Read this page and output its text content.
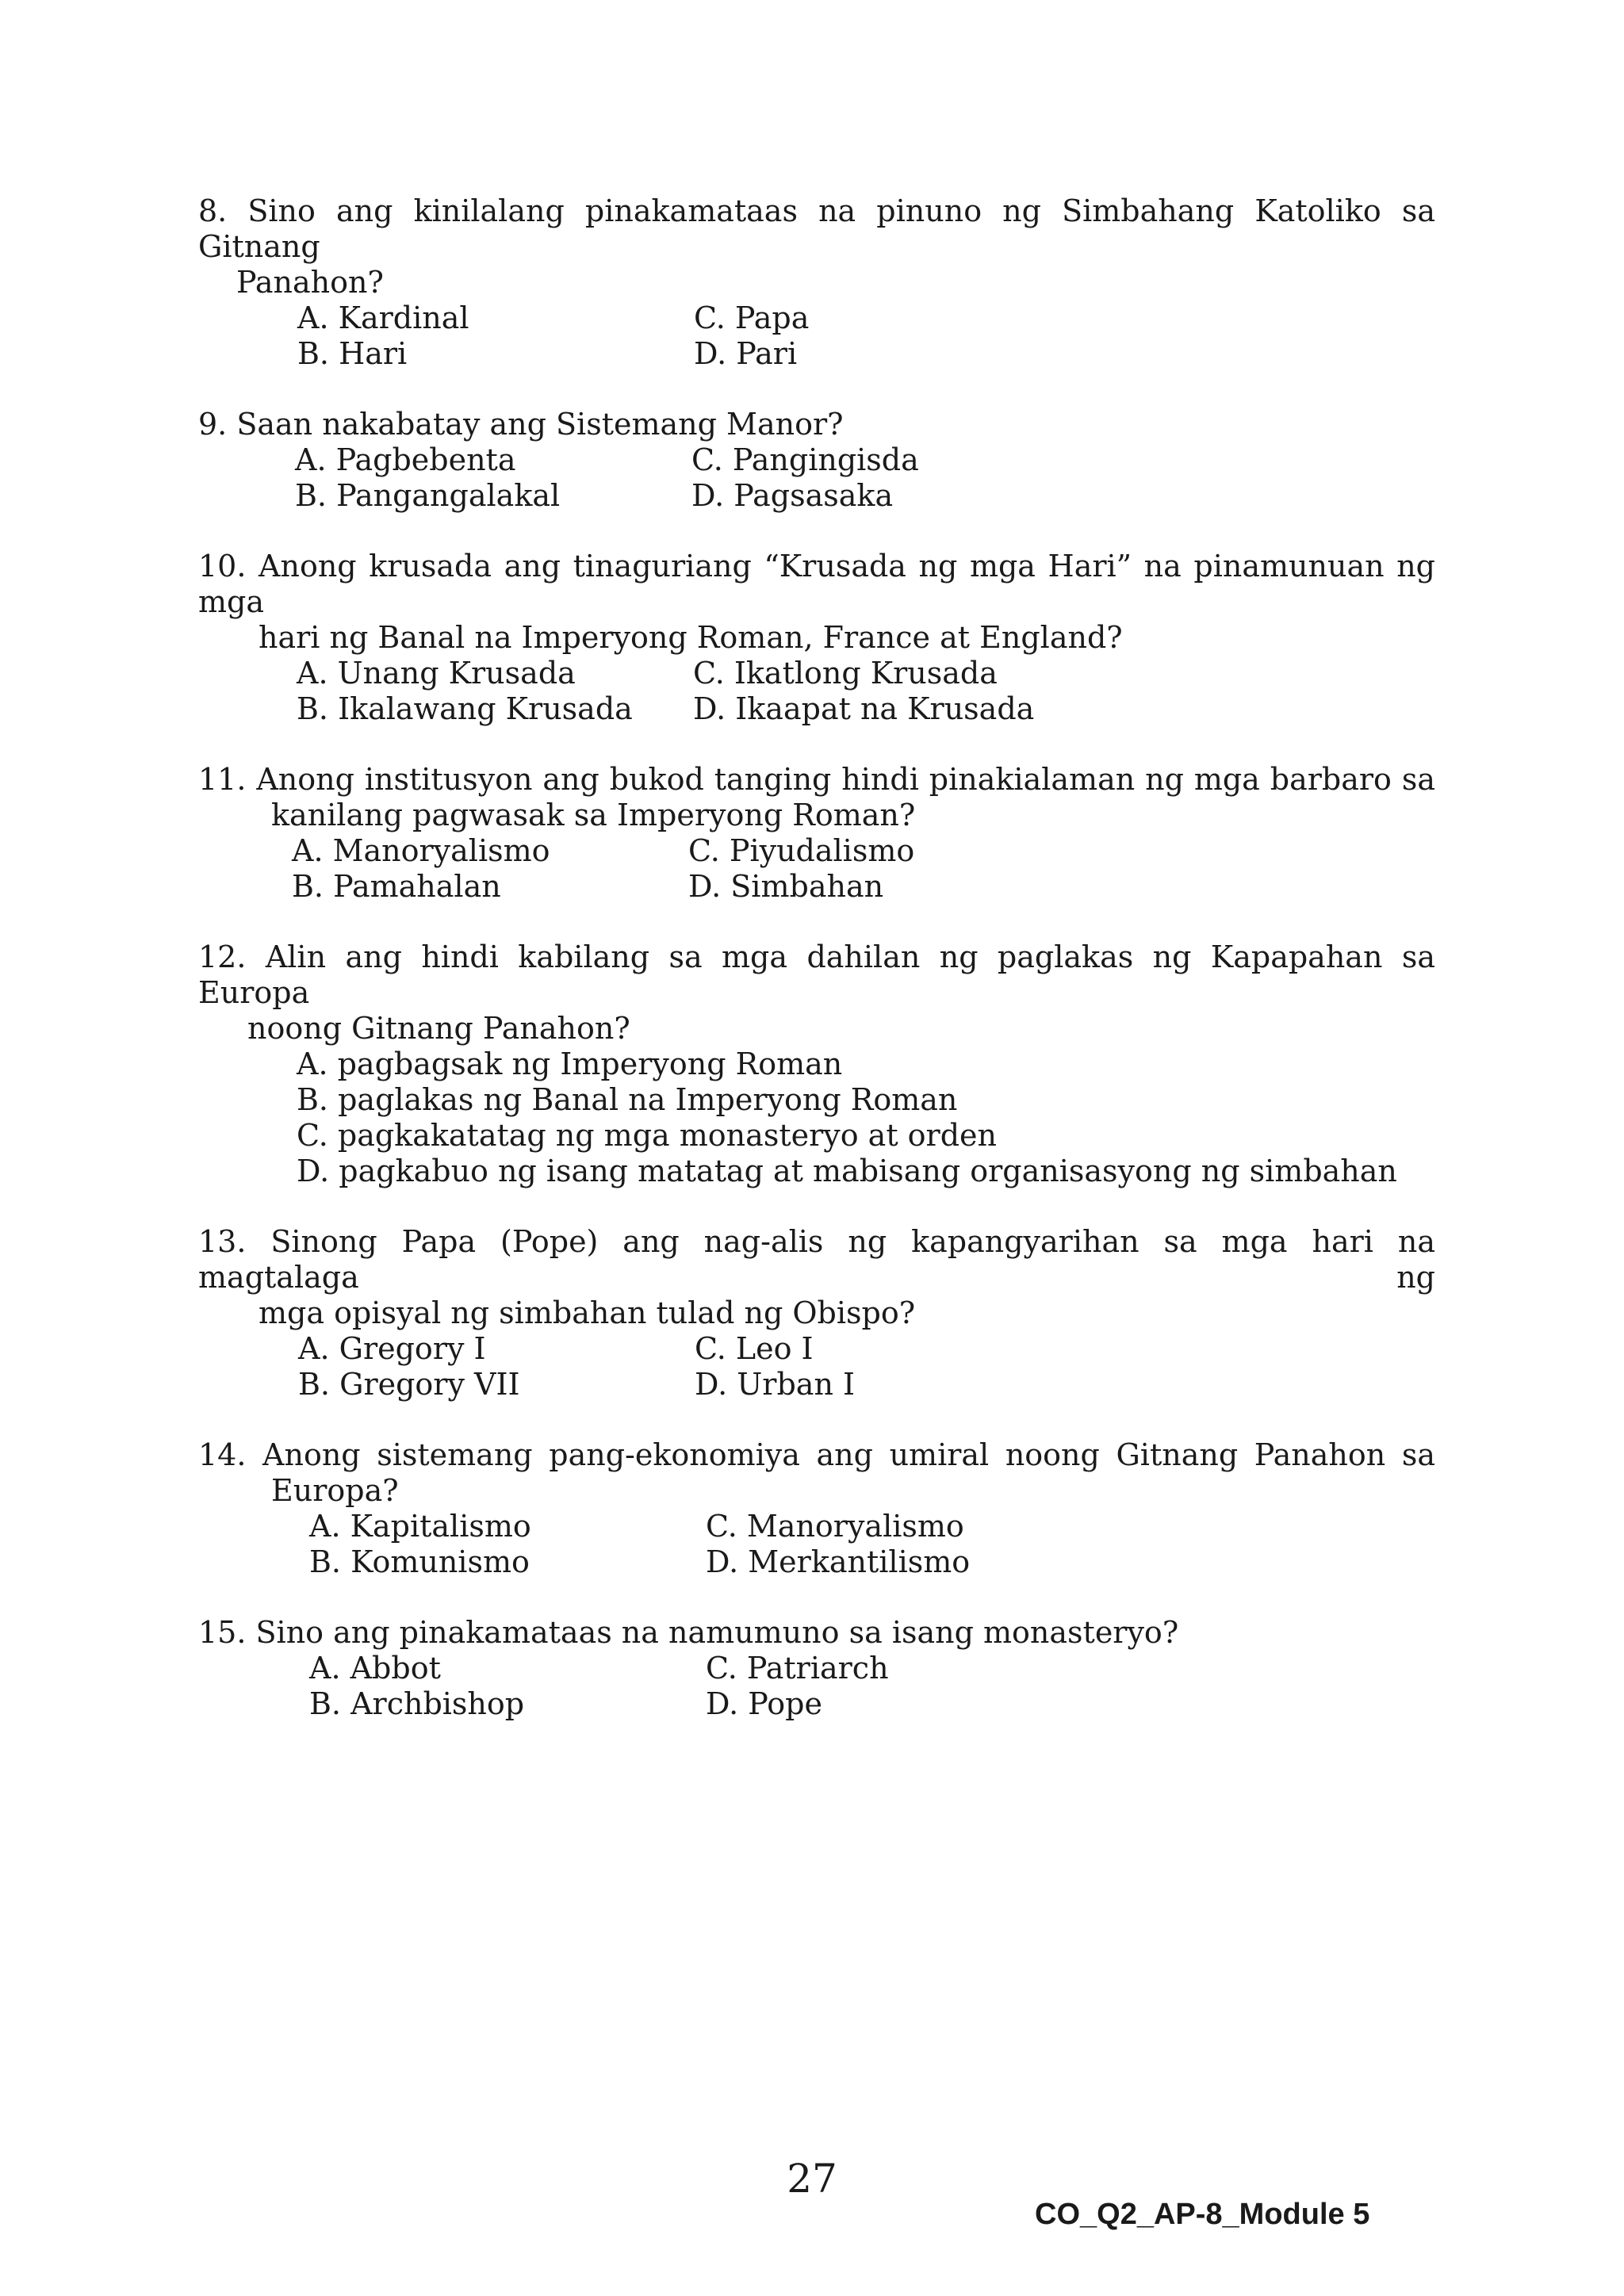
8. Sino ang kinilalang pinakamataas na pinuno ng Simbahang Katoliko sa Gitnang
Panahon?

A. Kardinal	C. Papa
B. Hari	D. Pari

9. Saan nakabatay ang Sistemang Manor?

A. Pagbebenta	C. Pangingisda
B. Pangangalakal	D. Pagsasaka

10. Anong krusada ang tinaguriang “Krusada ng mga Hari” na pinamunuan ng mga
hari ng Banal na Imperyong Roman, France at England?

A. Unang Krusada	C. Ikatlong Krusada
B. Ikalawang Krusada	D. Ikaapat na Krusada

11. Anong institusyon ang bukod tanging hindi pinakialaman ng mga barbaro sa
kanilang pagwasak sa Imperyong Roman?

A. Manoryalismo	C. Piyudalismo
B. Pamahalan	D. Simbahan

12. Alin ang hindi kabilang sa mga dahilan ng paglakas ng Kapapahan sa Europa
noong Gitnang Panahon?

A. pagbagsak ng Imperyong Roman
B. paglakas ng Banal na Imperyong Roman
C. pagkakatatag ng mga monasteryo at orden
D. pagkabuo ng isang matatag at mabisang organisasyong ng simbahan

13. Sinong Papa (Pope) ang nag-alis ng kapangyarihan sa mga hari na magtalaga ng
mga opisyal ng simbahan tulad ng Obispo?

A. Gregory I	C. Leo I
B. Gregory VII	D. Urban I

14. Anong sistemang pang-ekonomiya ang umiral noong Gitnang Panahon sa
Europa?

A. Kapitalismo	C. Manoryalismo
B. Komunismo	D. Merkantilismo

15. Sino ang pinakamataas na namumuno sa isang monasteryo?

A. Abbot	C. Patriarch
B. Archbishop	D. Pope
27
CO_Q2_AP-8_Module 5
